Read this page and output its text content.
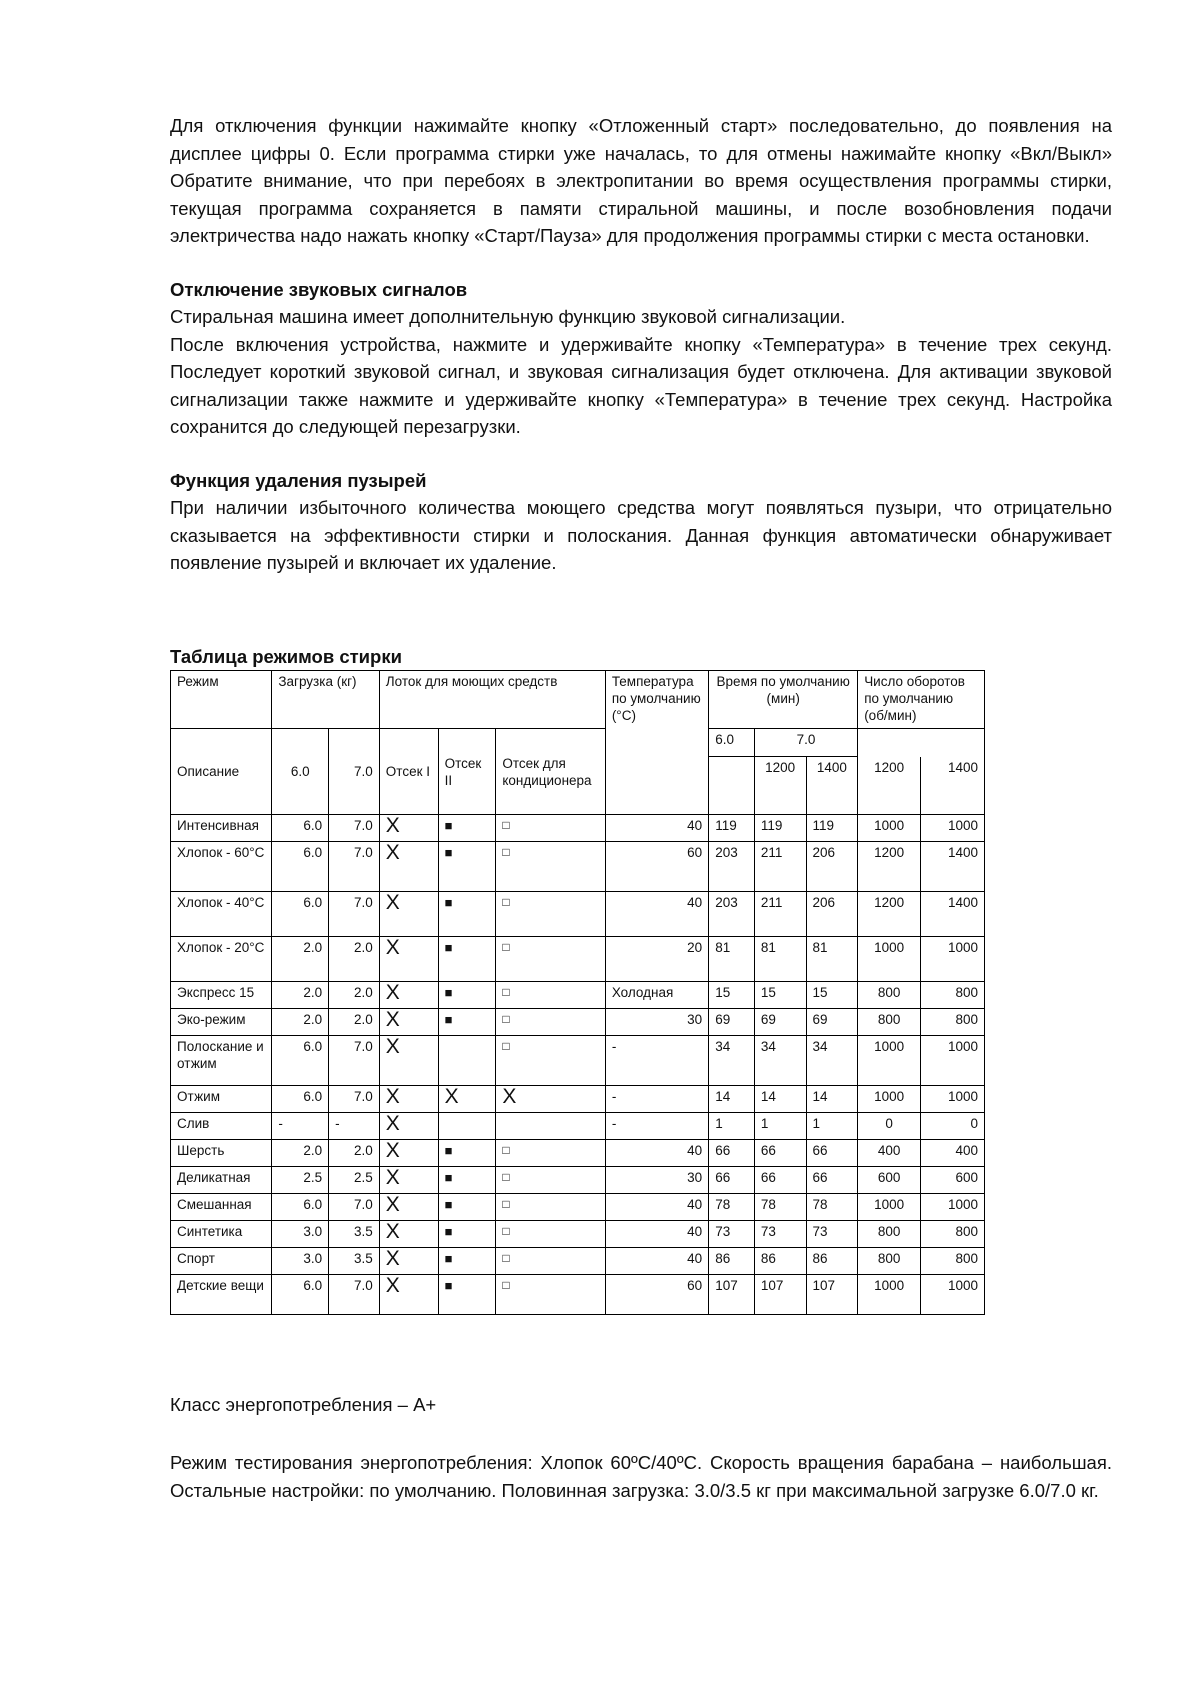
Для отключения функции нажимайте кнопку «Отложенный старт» последовательно, до появления на дисплее цифры 0. Если программа стирки уже началась, то для отмены нажимайте кнопку «Вкл/Выкл» Обратите внимание, что при перебоях в электропитании во время осуществления программы стирки, текущая программа сохраняется в памяти стиральной машины, и после возобновления подачи электричества надо нажать кнопку «Старт/Пауза» для продолжения программы стирки с места остановки.

Отключение звуковых сигналов

Стиральная машина имеет дополнительную функцию звуковой сигнализации.

После включения устройства, нажмите и удерживайте кнопку «Температура» в течение трех секунд. Последует короткий звуковой сигнал, и звуковая сигнализация будет отключена. Для активации звуковой сигнализации также нажмите и удерживайте кнопку «Температура» в течение трех секунд. Настройка сохранится до следующей перезагрузки.

Функция удаления пузырей

При наличии избыточного количества моющего средства могут появляться пузыри, что отрицательно сказывается на эффективности стирки и полоскания. Данная функция автоматически обнаруживает появление пузырей и включает их удаление.

Таблица режимов стирки

Режим	Загрузка (кг)		Лоток для моющих средств			Температура по умолчанию (°C)	Время по умолчанию (мин)			Число оборотов по умолчанию (об/мин)	
Описание	6.0	7.0	Отсек I	Отсек II	Отсек для кондиционера		6.0	7.0			
								1200	1400	1200	1400
Интенсивная	6.0	7.0	X	■	□	40	119	119	119	1000	1000
Хлопок - 60°C	6.0	7.0	X	■	□	60	203	211	206	1200	1400
Хлопок - 40°C	6.0	7.0	X	■	□	40	203	211	206	1200	1400
Хлопок - 20°C	2.0	2.0	X	■	□	20	81	81	81	1000	1000
Экспресс 15	2.0	2.0	X	■	□	Холодная	15	15	15	800	800
Эко-режим	2.0	2.0	X	■	□	30	69	69	69	800	800
Полоскание и отжим	6.0	7.0	X		□	-	34	34	34	1000	1000
Отжим	6.0	7.0	X	X	X	-	14	14	14	1000	1000
Слив	-	-	X			-	1	1	1	0	0
Шерсть	2.0	2.0	X	■	□	40	66	66	66	400	400
Деликатная	2.5	2.5	X	■	□	30	66	66	66	600	600
Смешанная	6.0	7.0	X	■	□	40	78	78	78	1000	1000
Синтетика	3.0	3.5	X	■	□	40	73	73	73	800	800
Спорт	3.0	3.5	X	■	□	40	86	86	86	800	800
Детские вещи	6.0	7.0	X	■	□	60	107	107	107	1000	1000

Класс энергопотребления – А+

Режим тестирования энергопотребления: Хлопок 60ºC/40ºC. Скорость вращения барабана – наибольшая. Остальные настройки: по умолчанию. Половинная загрузка: 3.0/3.5 кг при максимальной загрузке 6.0/7.0 кг.
